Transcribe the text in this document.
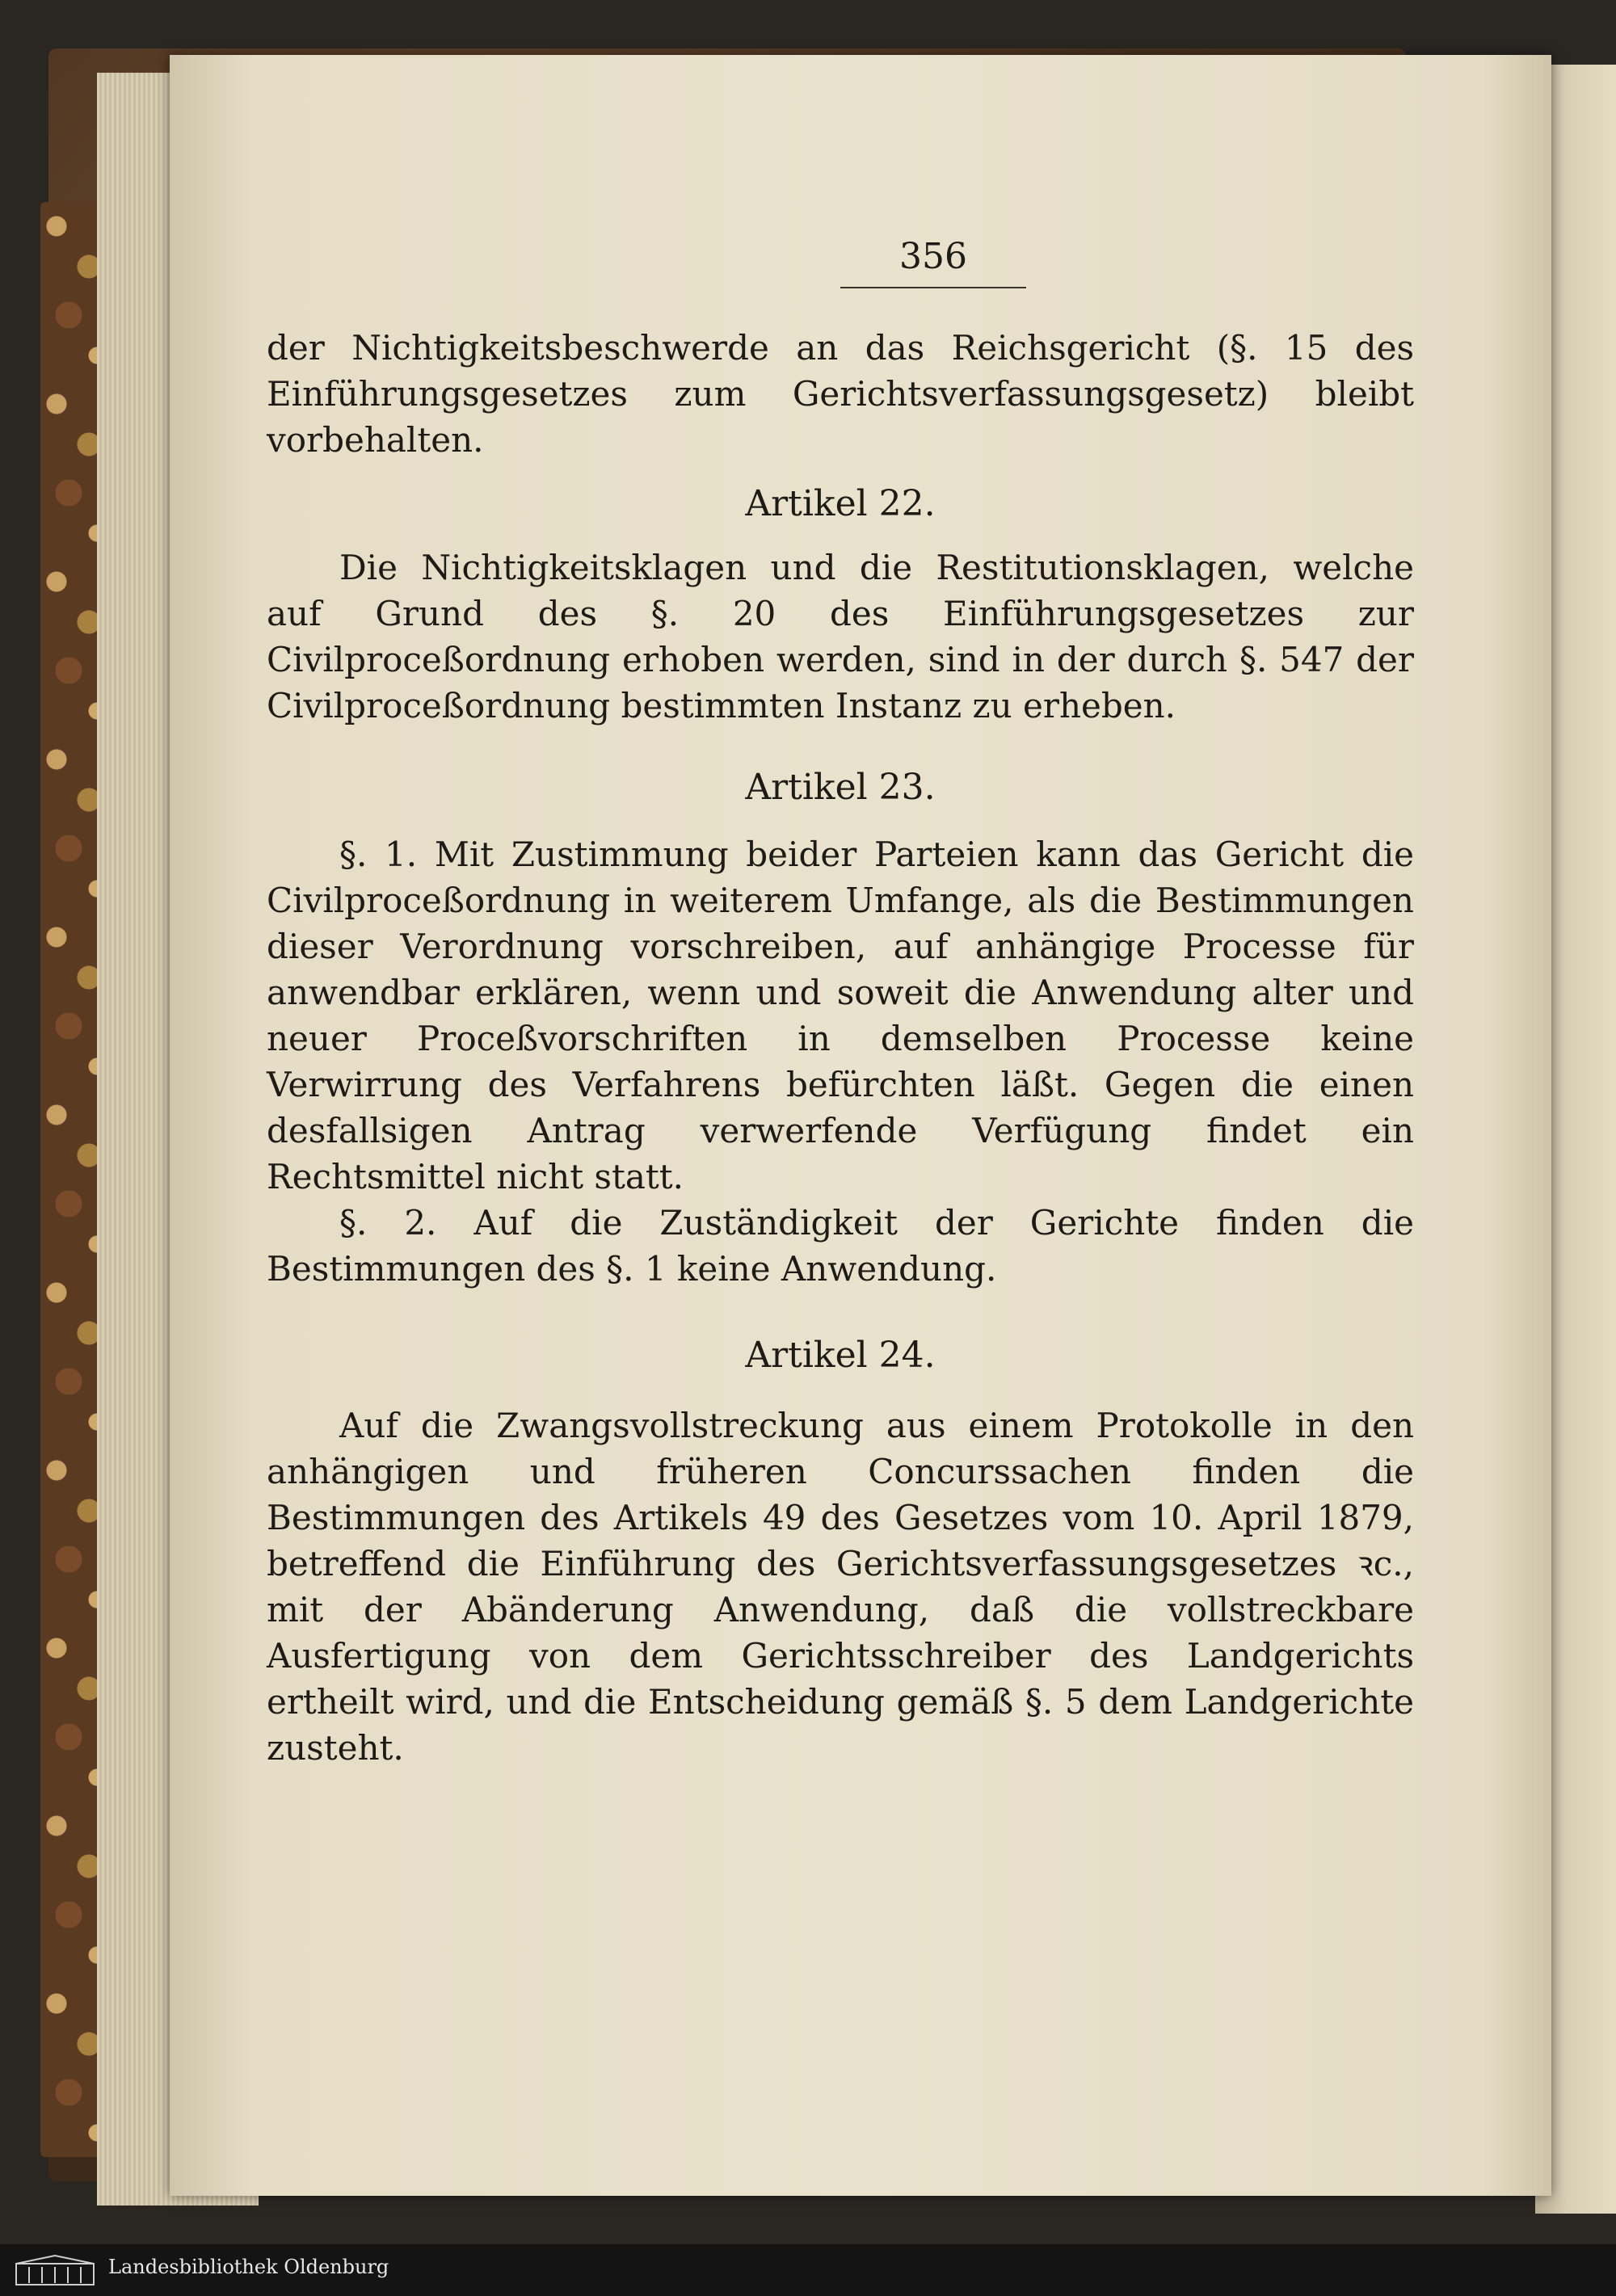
356

der Nichtigkeitsbeschwerde an das Reichsgericht (§. 15 des Einführungsgesetzes zum Gerichtsverfassungsgesetz) bleibt vorbehalten.

Artikel 22.

Die Nichtigkeitsklagen und die Restitutionsklagen, welche auf Grund des §. 20 des Einführungsgesetzes zur Civilproceßordnung erhoben werden, sind in der durch §. 547 der Civilproceßordnung bestimmten Instanz zu erheben.

Artikel 23.

§. 1. Mit Zustimmung beider Parteien kann das Gericht die Civilproceßordnung in weiterem Umfange, als die Bestimmungen dieser Verordnung vorschreiben, auf anhängige Processe für anwendbar erklären, wenn und soweit die Anwendung alter und neuer Proceßvorschriften in demselben Processe keine Verwirrung des Verfahrens befürchten läßt. Gegen die einen desfallsigen Antrag verwerfende Verfügung findet ein Rechtsmittel nicht statt.

§. 2. Auf die Zuständigkeit der Gerichte finden die Bestimmungen des §. 1 keine Anwendung.

Artikel 24.

Auf die Zwangsvollstreckung aus einem Protokolle in den anhängigen und früheren Concurssachen finden die Bestimmungen des Artikels 49 des Gesetzes vom 10. April 1879, betreffend die Einführung des Gerichtsverfassungsgesetzes ꝛc., mit der Abänderung Anwendung, daß die vollstreckbare Ausfertigung von dem Gerichtsschreiber des Landgerichts ertheilt wird, und die Entscheidung gemäß §. 5 dem Landgerichte zusteht.

Landesbibliothek Oldenburg
